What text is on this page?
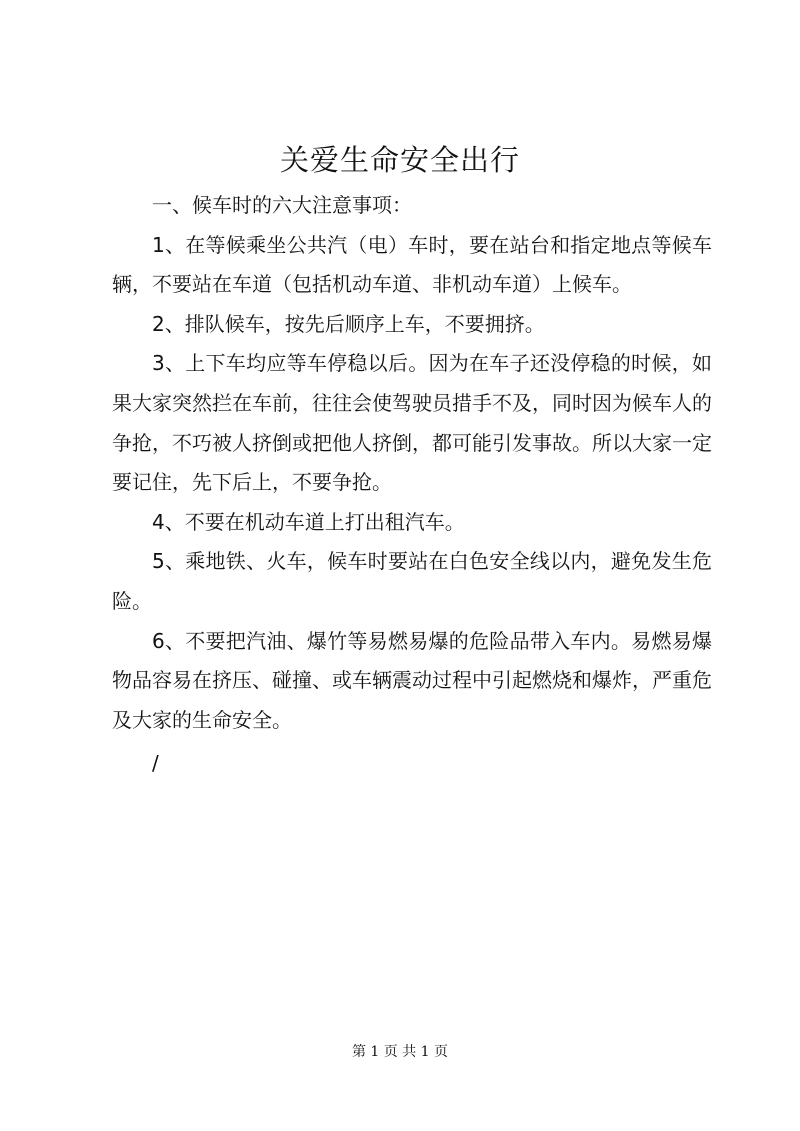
关爱生命安全出行

一、候车时的六大注意事项：

1、在等候乘坐公共汽（电）车时，要在站台和指定地点等候车辆，不要站在车道（包括机动车道、非机动车道）上候车。

2、排队候车，按先后顺序上车，不要拥挤。

3、上下车均应等车停稳以后。因为在车子还没停稳的时候，如果大家突然拦在车前，往往会使驾驶员措手不及，同时因为候车人的争抢，不巧被人挤倒或把他人挤倒，都可能引发事故。所以大家一定要记住，先下后上，不要争抢。

4、不要在机动车道上打出租汽车。

5、乘地铁、火车，候车时要站在白色安全线以内，避免发生危险。

6、不要把汽油、爆竹等易燃易爆的危险品带入车内。易燃易爆物品容易在挤压、碰撞、或车辆震动过程中引起燃烧和爆炸，严重危及大家的生命安全。

/

第 1 页 共 1 页
